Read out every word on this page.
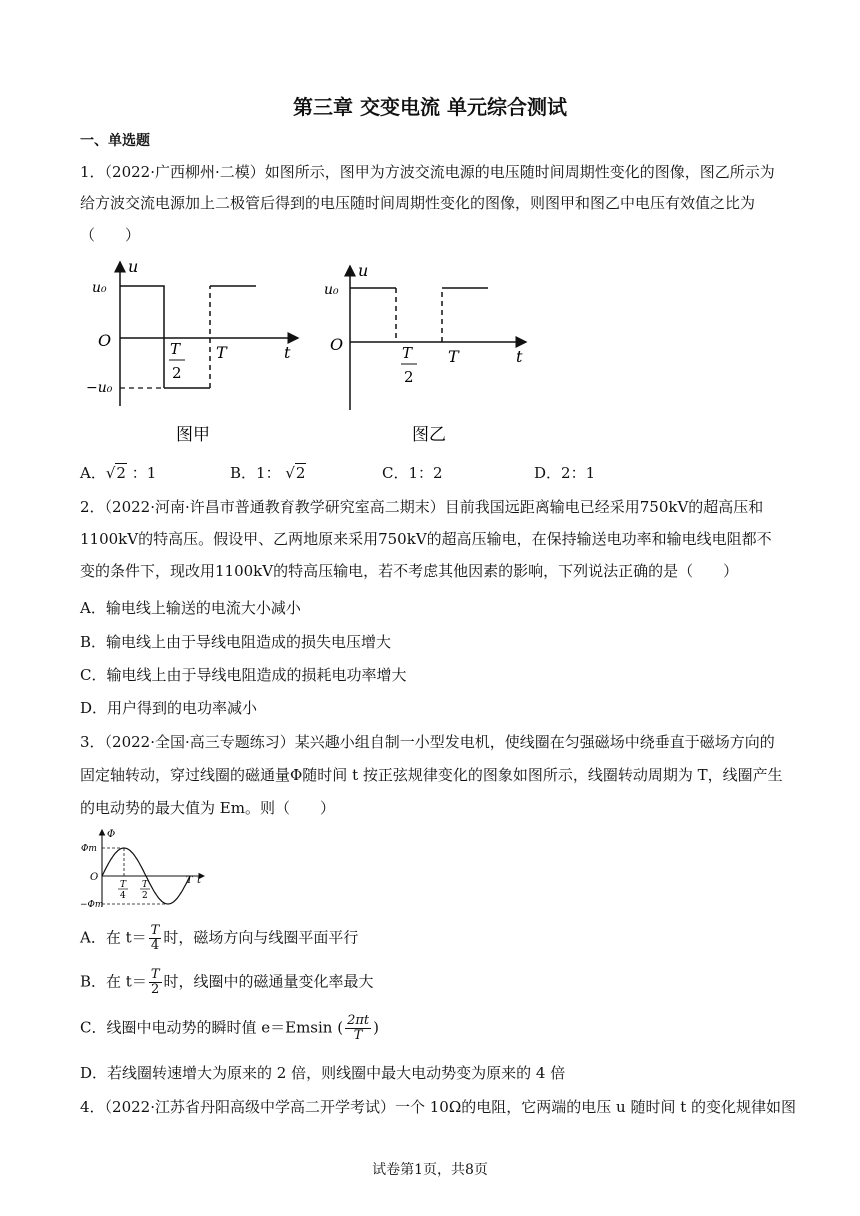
第三章 交变电流 单元综合测试
一、单选题
1．（2022·广西柳州·二模）如图所示，图甲为方波交流电源的电压随时间周期性变化的图像，图乙所示为
给方波交流电源加上二极管后得到的电压随时间周期性变化的图像，则图甲和图乙中电压有效值之比为
（　　）
u
u₀
O
−u₀
T
2
T	t
图甲
u
u₀
O	T
2
T	t
图乙
A．√2 ：1	B．1： √2	C．1：2	D．2：1
2．（2022·河南·许昌市普通教育教学研究室高二期末）目前我国远距离输电已经采用750kV的超高压和
1100kV的特高压。假设甲、乙两地原来采用750kV的超高压输电，在保持输送电功率和输电线电阻都不
变的条件下，现改用1100kV的特高压输电，若不考虑其他因素的影响，下列说法正确的是（　　）
A．输电线上输送的电流大小减小
B．输电线上由于导线电阻造成的损失电压增大
C．输电线上由于导线电阻造成的损耗电功率增大
D．用户得到的电功率减小
3．（2022·全国·高三专题练习）某兴趣小组自制一小型发电机，使线圈在匀强磁场中绕垂直于磁场方向的
固定轴转动，穿过线圈的磁通量Φ随时间 t 按正弦规律变化的图象如图所示，线圈转动周期为 T，线圈产生
的电动势的最大值为 Em。则（　　）
Φ
Φm
O
−Φm
T
4
T
2
T t
A．在 $t= \frac{T}{4}$ 时，磁场方向与线圈平面平行
B．在 $t= \frac{T}{2}$ 时，线圈中的磁通量变化率最大
C．线圈中电动势的瞬时值 e＝Emsin ( $\frac{2\pi t}{T}$ )
D．若线圈转速增大为原来的 2 倍，则线圈中最大电动势变为原来的 4 倍
4．（2022·江苏省丹阳高级中学高二开学考试）一个 10Ω的电阻，它两端的电压 u 随时间 t 的变化规律如图
试卷第1页，共8页
